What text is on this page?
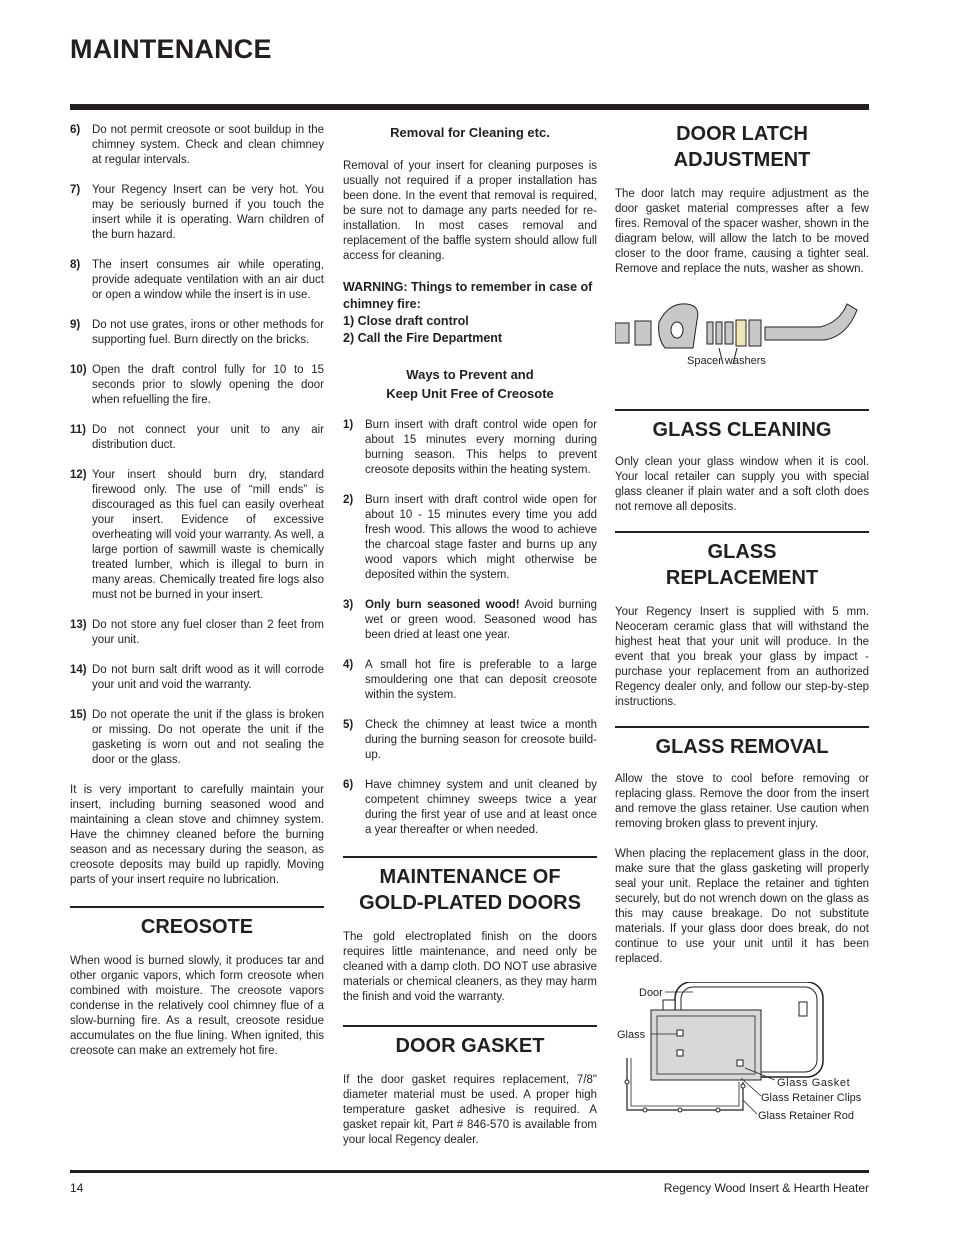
MAINTENANCE
6)	Do not permit creosote or soot buildup in the chimney system. Check and clean chimney at regular intervals.
7)	Your Regency Insert can be very hot. You may be seriously burned if you touch the insert while it is operating. Warn children of the burn hazard.
8)	The insert consumes air while operating, provide adequate ventilation with an air duct or open a window while the insert is in use.
9)	Do not use grates, irons or other methods for supporting fuel. Burn directly on the bricks.
10) Open the draft control fully for 10 to 15 seconds prior to slowly opening the door when refuelling the fire.
11) Do not connect your unit to any air distribution duct.
12) Your insert should burn dry, standard firewood only. The use of “mill ends” is discouraged as this fuel can easily overheat your insert. Evidence of excessive overheating will void your warranty. As well, a large portion of sawmill waste is chemically treated lumber, which is illegal to burn in many areas. Chemically treated fire logs also must not be burned in your insert.
13) Do not store any fuel closer than 2 feet from your unit.
14) Do not burn salt drift wood as it will corrode your unit and void the warranty.
15) Do not operate the unit if the glass is broken or missing. Do not operate the unit if the gasketing is worn out and not sealing the door or the glass.

It is very important to carefully maintain your insert, including burning seasoned wood and maintaining a clean stove and chimney system. Have the chimney cleaned before the burning season and as necessary during the season, as creosote deposits may build up rapidly. Moving parts of your insert require no lubrication.

CREOSOTE

When wood is burned slowly, it produces tar and other organic vapors, which form creosote when combined with moisture. The creosote vapors condense in the relatively cool chimney flue of a slow-burning fire. As a result, creosote residue accumulates on the flue lining. When ignited, this creosote can make an extremely hot fire.

Removal for Cleaning etc.

Removal of your insert for cleaning purposes is usually not required if a proper installation has been done. In the event that removal is required, be sure not to damage any parts needed for re-installation. In most cases removal and replacement of the baffle system should allow full access for cleaning.

WARNING: Things to remember in case of chimney fire:
1) Close draft control
2) Call the Fire Department
Ways to Prevent and
Keep Unit Free of Creosote
1)	Burn insert with draft control wide open for about 15 minutes every morning during burning season. This helps to prevent creosote deposits within the heating system.
2)	Burn insert with draft control wide open for about 10 - 15 minutes every time you add fresh wood. This allows the wood to achieve the charcoal stage faster and burns up any wood vapors which might otherwise be deposited within the system.
3)	Only burn seasoned wood! Avoid burning wet or green wood. Seasoned wood has been dried at least one year.
4)	A small hot fire is preferable to a large smouldering one that can deposit creosote within the system.
5)	Check the chimney at least twice a month during the burning season for creosote build-up.
6)	Have chimney system and unit cleaned by competent chimney sweeps twice a year during the first year of use and at least once a year thereafter or when needed.
MAINTENANCE OF
GOLD-PLATED DOORS

The gold electroplated finish on the doors requires little maintenance, and need only be cleaned with a damp cloth. DO NOT use abrasive materials or chemical cleaners, as they may harm the finish and void the warranty.

DOOR GASKET

If the door gasket requires replacement, 7/8" diameter material must be used. A proper high temperature gasket adhesive is required. A gasket repair kit, Part # 846-570 is available from your local Regency dealer.

DOOR LATCH
ADJUSTMENT

The door latch may require adjustment as the door gasket material compresses after a few fires. Removal of the spacer washer, shown in the diagram below, will allow the latch to be moved closer to the door frame, causing a tighter seal. Remove and replace the nuts, washer as shown.

Spacer washers
GLASS CLEANING

Only clean your glass window when it is cool. Your local retailer can supply you with special glass cleaner if plain water and a soft cloth does not remove all deposits.

GLASS
REPLACEMENT

Your Regency Insert is supplied with 5 mm. Neoceram ceramic glass that will withstand the highest heat that your unit will produce. In the event that you break your glass by impact - purchase your replacement from an authorized Regency dealer only, and follow our step-by-step instructions.

GLASS REMOVAL

Allow the stove to cool before removing or replacing glass. Remove the door from the insert and remove the glass retainer. Use caution when removing broken glass to prevent injury.

When placing the replacement glass in the door, make sure that the glass gasketing will properly seal your unit. Replace the retainer and tighten securely, but do not wrench down on the glass as this may cause breakage. Do not substitute materials. If your glass door does break, do not continue to use your unit until it has been replaced.

Door
Glass
Glass Gasket
Glass Retainer Clips
Glass Retainer Rod
14	Regency Wood Insert & Hearth Heater
